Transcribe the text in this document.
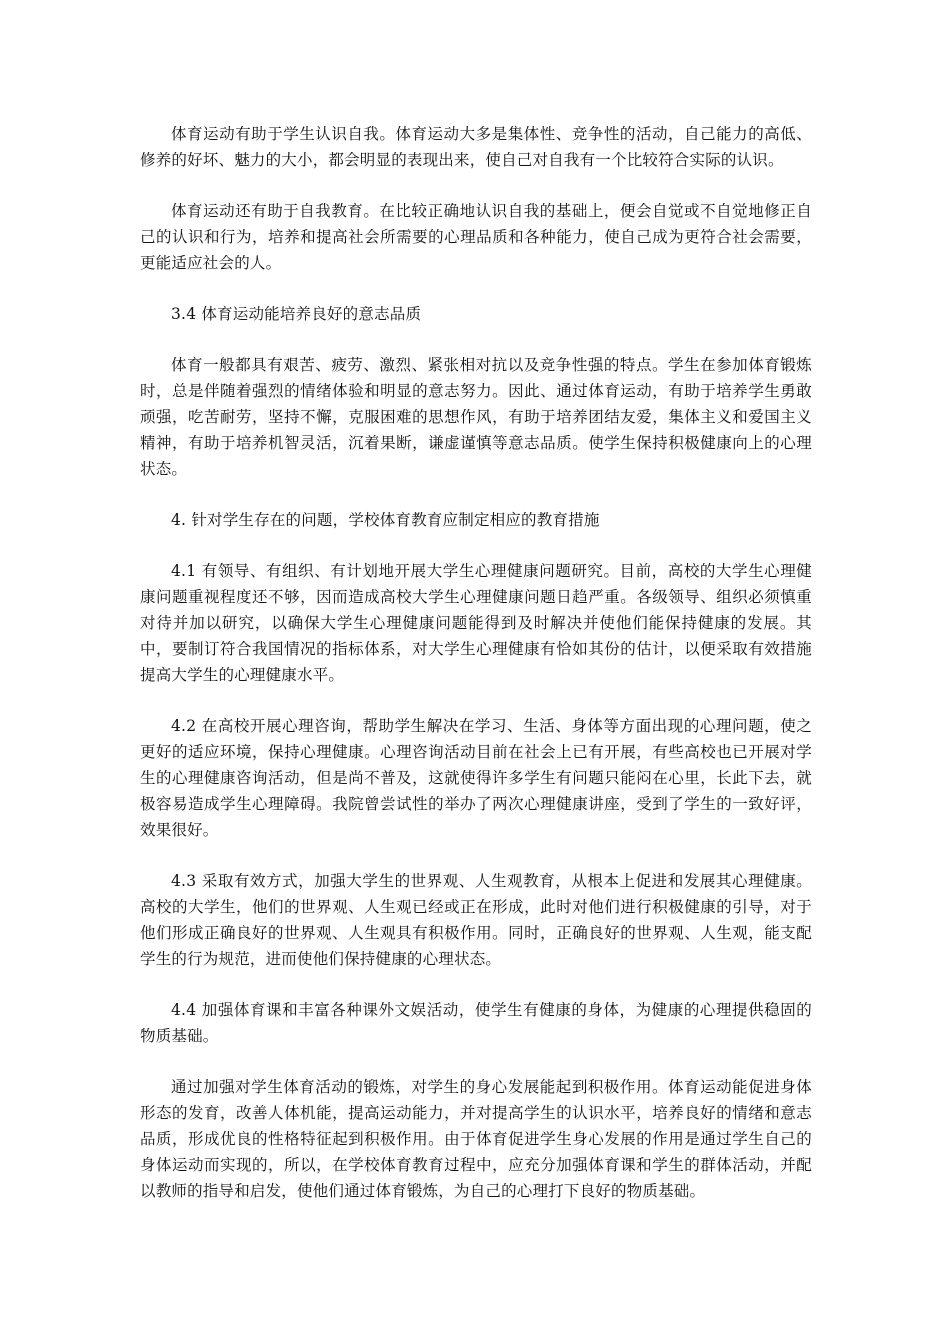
体育运动有助于学生认识自我。体育运动大多是集体性、竞争性的活动，自己能力的高低、修养的好坏、魅力的大小，都会明显的表现出来，使自己对自我有一个比较符合实际的认识。

体育运动还有助于自我教育。在比较正确地认识自我的基础上，便会自觉或不自觉地修正自己的认识和行为，培养和提高社会所需要的心理品质和各种能力，使自己成为更符合社会需要，更能适应社会的人。

3.4 体育运动能培养良好的意志品质

体育一般都具有艰苦、疲劳、激烈、紧张相对抗以及竞争性强的特点。学生在参加体育锻炼时，总是伴随着强烈的情绪体验和明显的意志努力。因此、通过体育运动，有助于培养学生勇敢顽强，吃苦耐劳，坚持不懈，克服困难的思想作风，有助于培养团结友爱，集体主义和爱国主义精神，有助于培养机智灵活，沉着果断，谦虚谨慎等意志品质。使学生保持积极健康向上的心理状态。

4. 针对学生存在的问题，学校体育教育应制定相应的教育措施

4.1 有领导、有组织、有计划地开展大学生心理健康问题研究。目前，高校的大学生心理健康问题重视程度还不够，因而造成高校大学生心理健康问题日趋严重。各级领导、组织必须慎重对待并加以研究，以确保大学生心理健康问题能得到及时解决并使他们能保持健康的发展。其中，要制订符合我国情况的指标体系，对大学生心理健康有恰如其份的估计，以便采取有效措施提高大学生的心理健康水平。

4.2 在高校开展心理咨询，帮助学生解决在学习、生活、身体等方面出现的心理问题，使之更好的适应环境，保持心理健康。心理咨询活动目前在社会上已有开展，有些高校也已开展对学生的心理健康咨询活动，但是尚不普及，这就使得许多学生有问题只能闷在心里，长此下去，就极容易造成学生心理障碍。我院曾尝试性的举办了两次心理健康讲座，受到了学生的一致好评，效果很好。

4.3 采取有效方式，加强大学生的世界观、人生观教育，从根本上促进和发展其心理健康。高校的大学生，他们的世界观、人生观已经或正在形成，此时对他们进行积极健康的引导，对于他们形成正确良好的世界观、人生观具有积极作用。同时，正确良好的世界观、人生观，能支配学生的行为规范，进而使他们保持健康的心理状态。

4.4 加强体育课和丰富各种课外文娱活动，使学生有健康的身体，为健康的心理提供稳固的物质基础。

通过加强对学生体育活动的锻炼，对学生的身心发展能起到积极作用。体育运动能促进身体形态的发育，改善人体机能，提高运动能力，并对提高学生的认识水平，培养良好的情绪和意志品质，形成优良的性格特征起到积极作用。由于体育促进学生身心发展的作用是通过学生自己的身体运动而实现的，所以，在学校体育教育过程中，应充分加强体育课和学生的群体活动，并配以教师的指导和启发，使他们通过体育锻炼，为自己的心理打下良好的物质基础。
